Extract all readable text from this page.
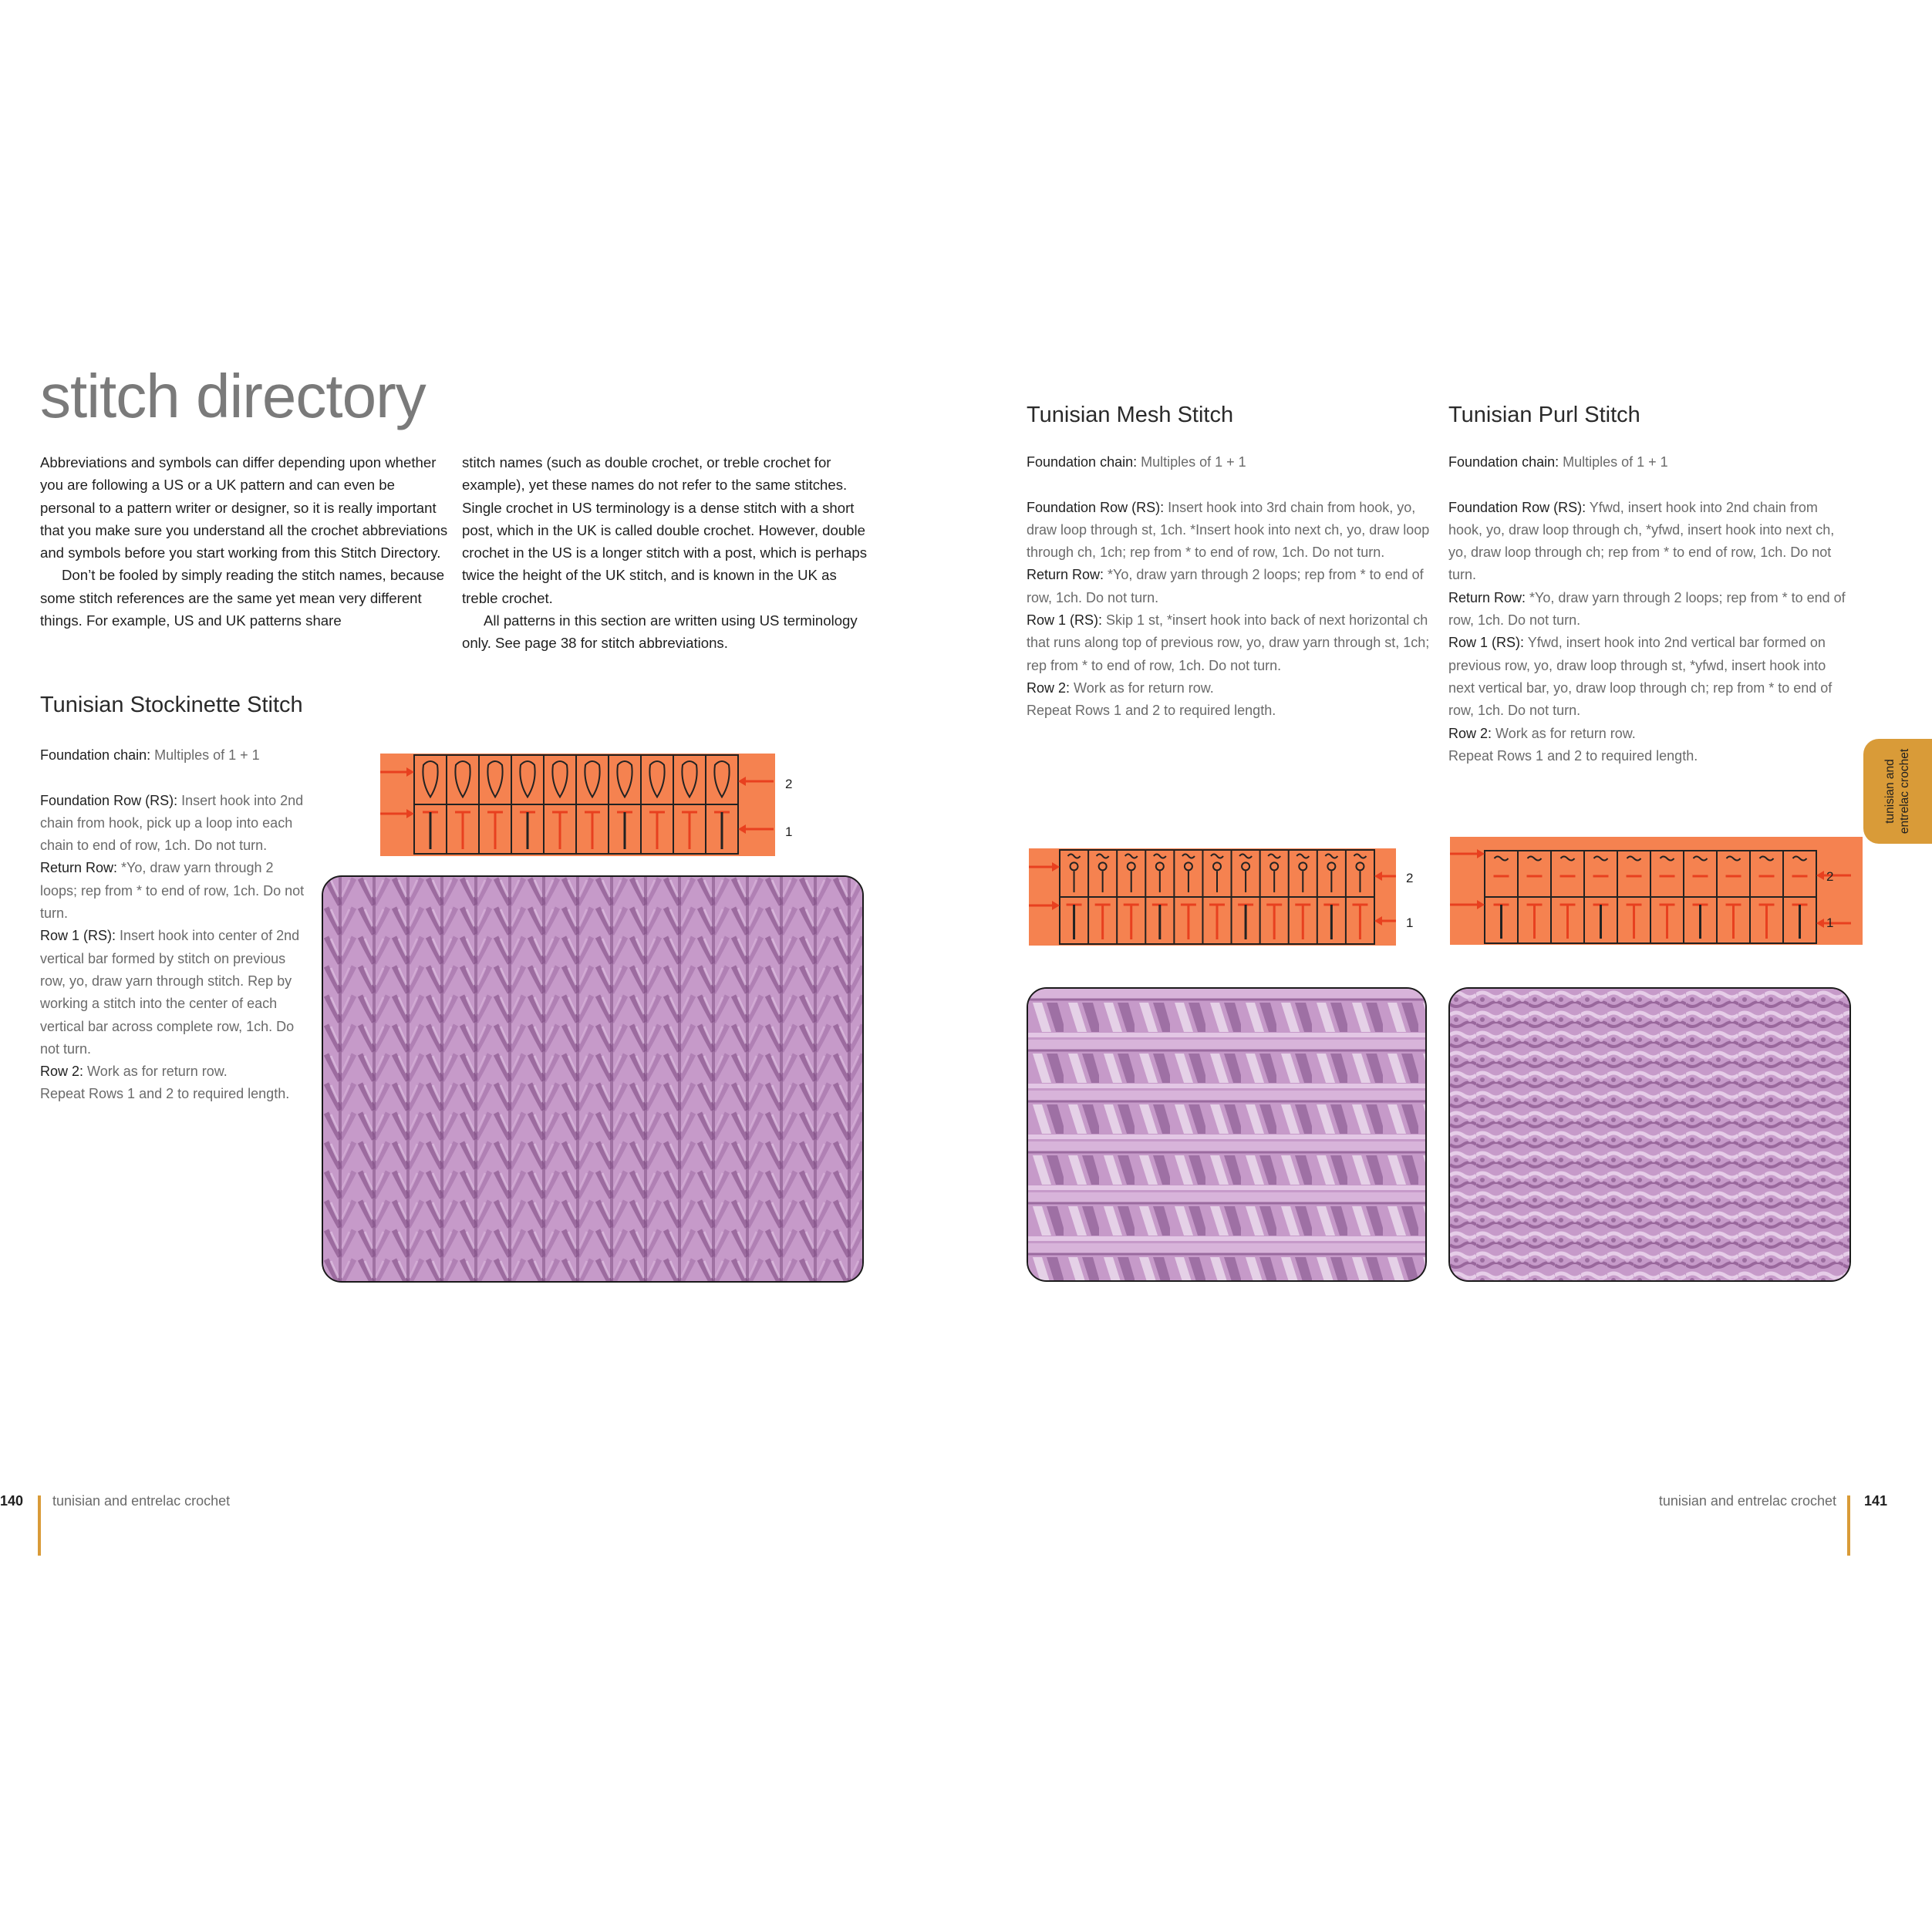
stitch directory

Abbreviations and symbols can differ depending upon whether you are following a US or a UK pattern and can even be personal to a pattern writer or designer, so it is really important that you make sure you understand all the crochet abbreviations and symbols before you start working from this Stitch Directory.

Don’t be fooled by simply reading the stitch names, because some stitch references are the same yet mean very different things. For example, US and UK patterns share

stitch names (such as double crochet, or treble crochet for example), yet these names do not refer to the same stitches. Single crochet in US terminology is a dense stitch with a short post, which in the UK is called double crochet. However, double crochet in the US is a longer stitch with a post, which is perhaps twice the height of the UK stitch, and is known in the UK as treble crochet.

All patterns in this section are written using US terminology only. See page 38 for stitch abbreviations.

Tunisian Stockinette Stitch

Foundation chain: Multiples of 1 + 1

Foundation Row (RS): Insert hook into 2nd chain from hook, pick up a loop into each chain to end of row, 1ch. Do not turn.

Return Row: *Yo, draw yarn through 2 loops; rep from * to end of row, 1ch. Do not turn.

Row 1 (RS): Insert hook into center of 2nd vertical bar formed by stitch on previous row, yo, draw yarn through stitch. Rep by working a stitch into the center of each vertical bar across complete row, 1ch. Do not turn.

Row 2: Work as for return row.

Repeat Rows 1 and 2 to required length.

2
1
Tunisian Mesh Stitch

Foundation chain: Multiples of 1 + 1

Foundation Row (RS): Insert hook into 3rd chain from hook, yo, draw loop through st, 1ch. *Insert hook into next ch, yo, draw loop through ch, 1ch; rep from * to end of row, 1ch. Do not turn.

Return Row: *Yo, draw yarn through 2 loops; rep from * to end of row, 1ch. Do not turn.

Row 1 (RS): Skip 1 st, *insert hook into back of next horizontal ch that runs along top of previous row, yo, draw yarn through st, 1ch; rep from * to end of row, 1ch. Do not turn.

Row 2: Work as for return row.

Repeat Rows 1 and 2 to required length.

2
1
Tunisian Purl Stitch

Foundation chain: Multiples of 1 + 1

Foundation Row (RS): Yfwd, insert hook into 2nd chain from hook, yo, draw loop through ch, *yfwd, insert hook into next ch, yo, draw loop through ch; rep from * to end of row, 1ch. Do not turn.

Return Row: *Yo, draw yarn through 2 loops; rep from * to end of row, 1ch. Do not turn.

Row 1 (RS): Yfwd, insert hook into 2nd vertical bar formed on previous row, yo, draw loop through st, *yfwd, insert hook into next vertical bar, yo, draw loop through ch; rep from * to end of row, 1ch. Do not turn.

Row 2: Work as for return row.

Repeat Rows 1 and 2 to required length.

2
1
tunisian and entrelac crochet
140 tunisian and entrelac crochet	tunisian and entrelac crochet 141
